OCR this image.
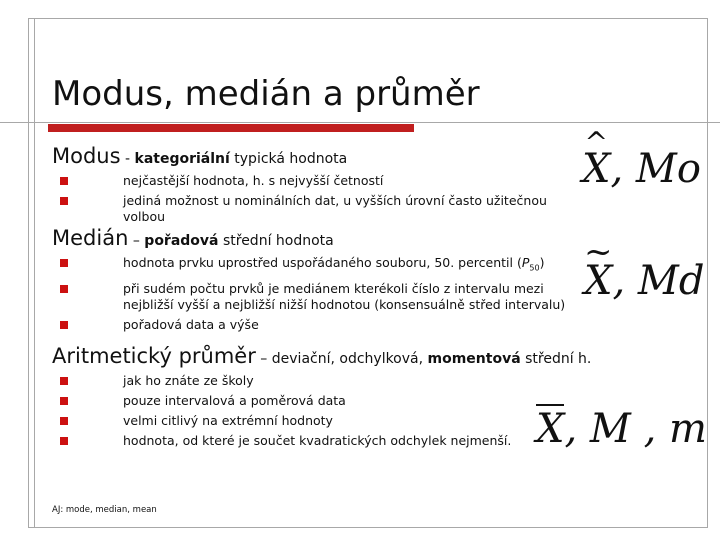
Modus, medián a průměr
Modus - kategoriální typická hodnota
nejčastější hodnota, h. s nejvyšší četností
jediná možnost u nominálních dat, u vyšších úrovní často užitečnou volbou
X ^, Mo
Medián – pořadová střední hodnota
hodnota prvku uprostřed uspořádaného souboru, 50. percentil $(P_{50})$
při sudém počtu prvků je mediánem kterékoli číslo z intervalu mezi nejbližší vyšší a nejbližší nižší hodnotou (konsensuálně střed intervalu)
pořadová data a výše
X ~, Md
Aritmetický průměr – deviační, odchylková, momentová střední h.
jak ho znáte ze školy
pouze intervalová a poměrová data
velmi citlivý na extrémní hodnoty
hodnota, od které je součet kvadratických odchylek nejmenší. X, M , m
AJ: mode, median, mean
